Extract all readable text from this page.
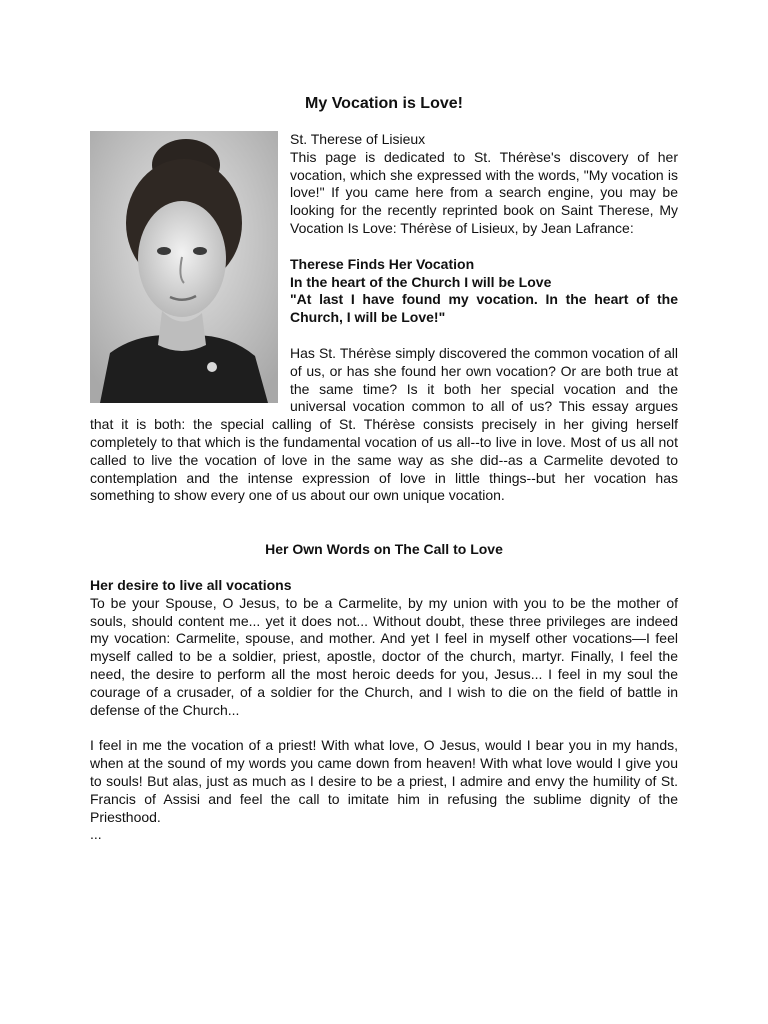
My Vocation is Love!

St. Therese of Lisieux

This page is dedicated to St. Thérèse's discovery of her vocation, which she expressed with the words, "My vocation is love!" If you came here from a search engine, you may be looking for the recently reprinted book on Saint Therese, My Vocation Is Love: Thérèse of Lisieux, by Jean Lafrance:

Therese Finds Her Vocation

In the heart of the Church I will be Love

"At last I have found my vocation. In the heart of the Church, I will be Love!"

Has St. Thérèse simply discovered the common vocation of all of us, or has she found her own vocation? Or are both true at the same time? Is it both her special vocation and the universal vocation common to all of us? This essay argues that it is both: the special calling of St. Thérèse consists precisely in her giving herself completely to that which is the fundamental vocation of us all--to live in love. Most of us all not called to live the vocation of love in the same way as she did--as a Carmelite devoted to contemplation and the intense expression of love in little things--but her vocation has something to show every one of us about our own unique vocation.

Her Own Words on The Call to Love

Her desire to live all vocations

To be your Spouse, O Jesus, to be a Carmelite, by my union with you to be the mother of souls, should content me... yet it does not... Without doubt, these three privileges are indeed my vocation: Carmelite, spouse, and mother. And yet I feel in myself other vocations—I feel myself called to be a soldier, priest, apostle, doctor of the church, martyr. Finally, I feel the need, the desire to perform all the most heroic deeds for you, Jesus... I feel in my soul the courage of a crusader, of a soldier for the Church, and I wish to die on the field of battle in defense of the Church...

I feel in me the vocation of a priest! With what love, O Jesus, would I bear you in my hands, when at the sound of my words you came down from heaven! With what love would I give you to souls! But alas, just as much as I desire to be a priest, I admire and envy the humility of St. Francis of Assisi and feel the call to imitate him in refusing the sublime dignity of the Priesthood.

...
